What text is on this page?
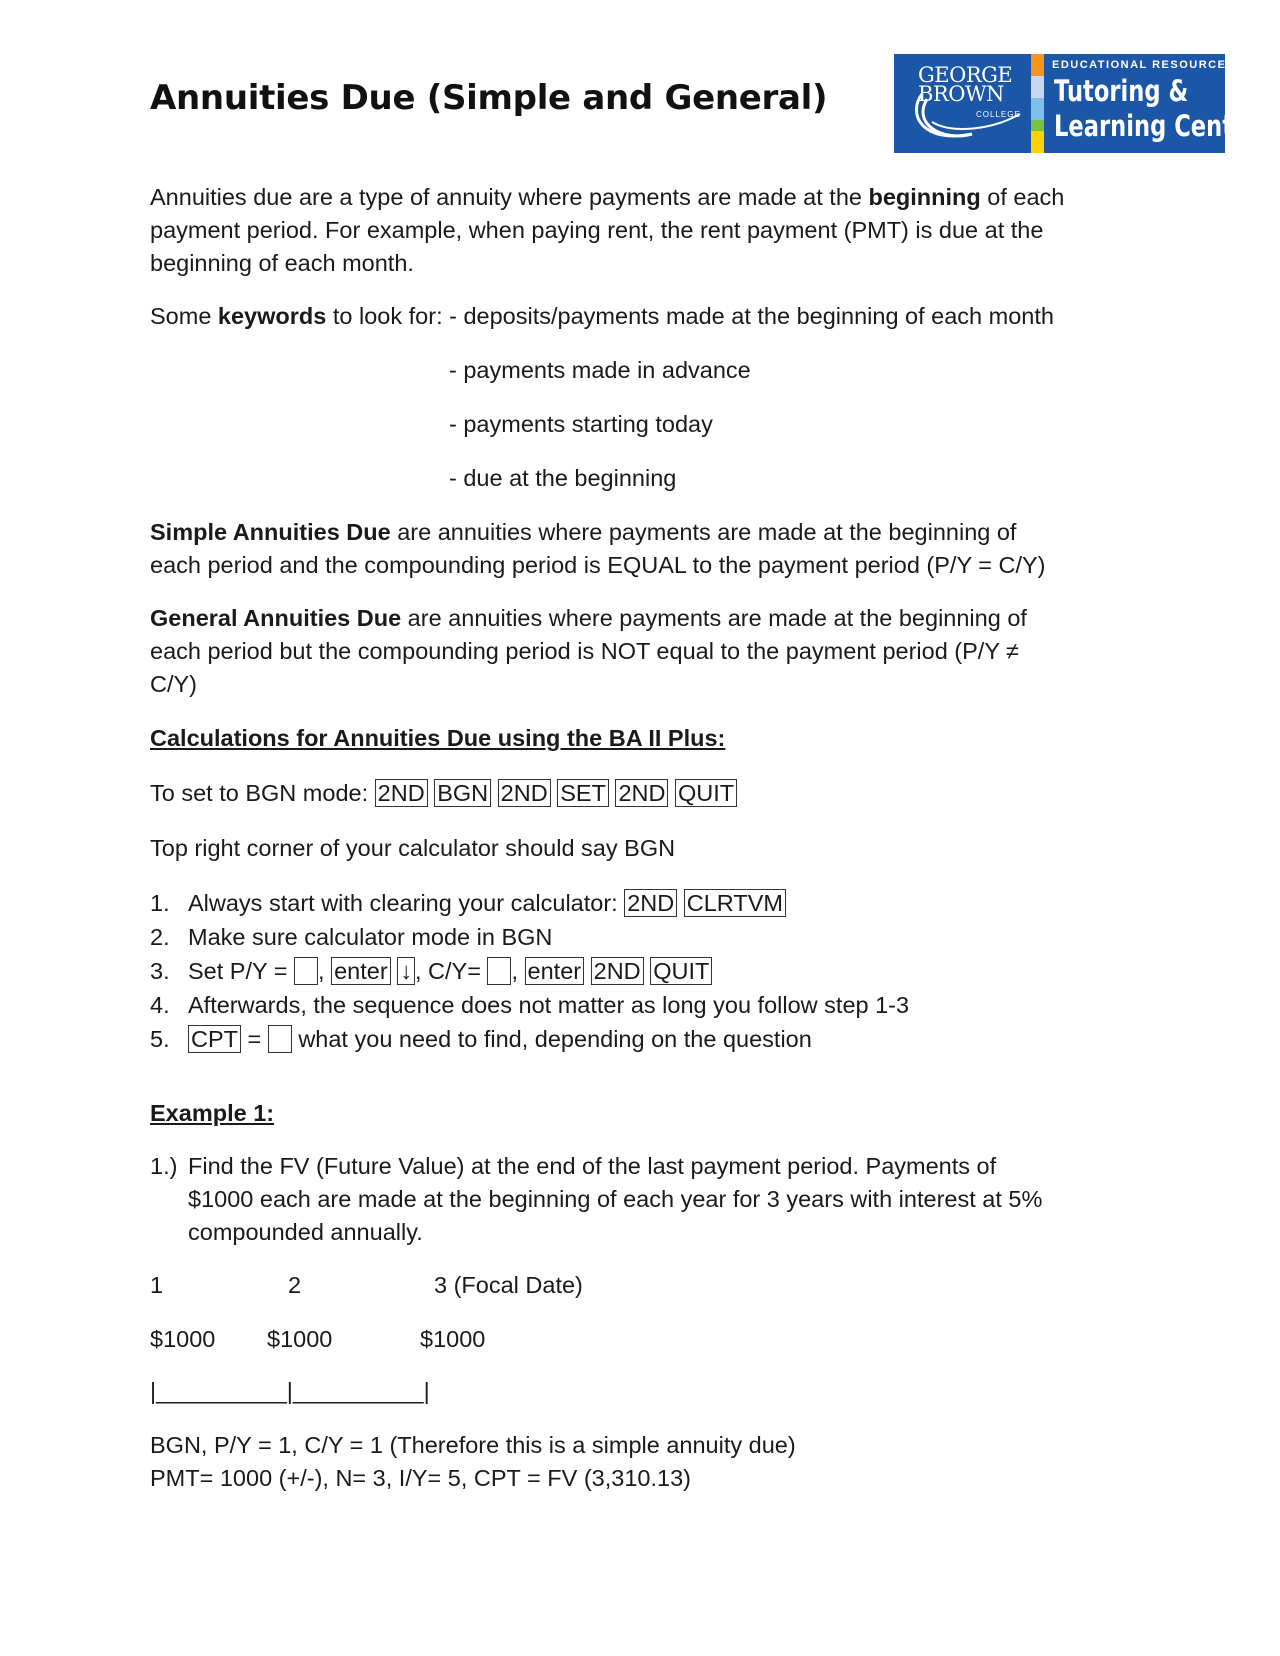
Annuities Due (Simple and General)
GEORGE
BROWN
COLLEGE
EDUCATIONAL RESOURCES
Tutoring &
Learning Centre
Annuities due are a type of annuity where payments are made at the beginning of each
payment period. For example, when paying rent, the rent payment (PMT) is due at the
beginning of each month.
Some keywords to look for: - deposits/payments made at the beginning of each month
- payments made in advance
- payments starting today
- due at the beginning
Simple Annuities Due are annuities where payments are made at the beginning of
each period and the compounding period is EQUAL to the payment period (P/Y = C/Y)
General Annuities Due are annuities where payments are made at the beginning of
each period but the compounding period is NOT equal to the payment period (P/Y ≠
C/Y)
Calculations for Annuities Due using the BA II Plus:
To set to BGN mode: 2ND BGN 2ND SET 2ND QUIT
Top right corner of your calculator should say BGN
1. Always start with clearing your calculator: 2ND CLRTVM
2. Make sure calculator mode in BGN
3. Set P/Y = , enter ↓ , C/Y= , enter 2ND QUIT
4. Afterwards, the sequence does not matter as long you follow step 1-3
5. CPT =  what you need to find, depending on the question
Example 1:
1.) Find the FV (Future Value) at the end of the last payment period. Payments of
$1000 each are made at the beginning of each year for 3 years with interest at 5%
compounded annually.
1	2	3 (Focal Date)
$1000 $1000	$1000
|__________|__________|
BGN, P/Y = 1, C/Y = 1 (Therefore this is a simple annuity due)
PMT= 1000 (+/-), N= 3, I/Y= 5, CPT = FV (3,310.13)
